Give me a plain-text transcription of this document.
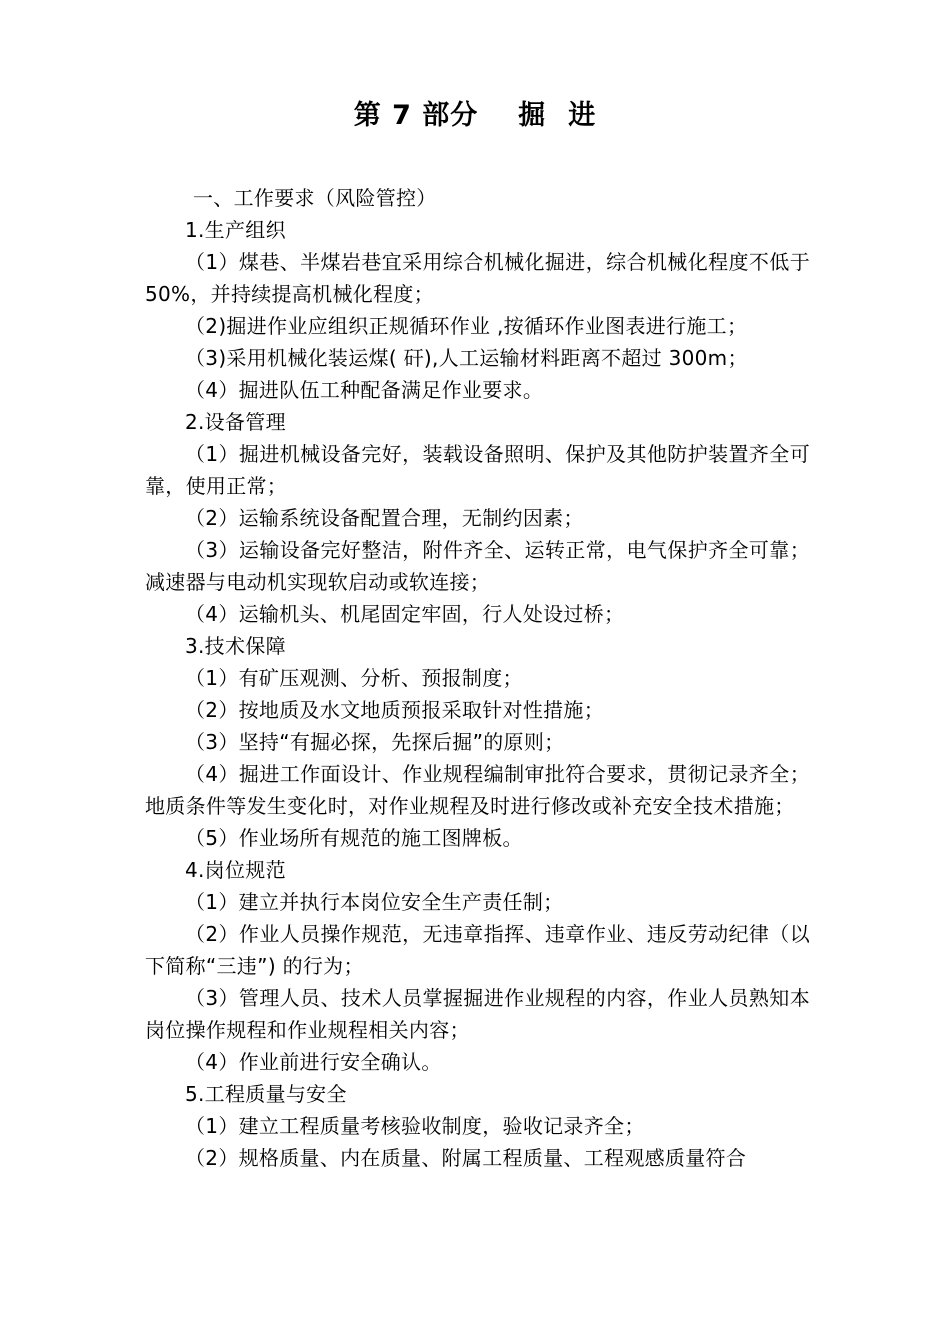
第 7 部分 掘 进

一、工作要求（风险管控）

1.生产组织

（1）煤巷、半煤岩巷宜采用综合机械化掘进，综合机械化程度不低于 50%，并持续提高机械化程度；

（2)掘进作业应组织正规循环作业 ,按循环作业图表进行施工；

（3)采用机械化装运煤( 矸),人工运输材料距离不超过 300m；

（4）掘进队伍工种配备满足作业要求。

2.设备管理

（1）掘进机械设备完好，装载设备照明、保护及其他防护装置齐全可靠，使用正常；

（2）运输系统设备配置合理，无制约因素；

（3）运输设备完好整洁，附件齐全、运转正常，电气保护齐全可靠；减速器与电动机实现软启动或软连接；

（4）运输机头、机尾固定牢固，行人处设过桥；

3.技术保障

（1）有矿压观测、分析、预报制度；

（2）按地质及水文地质预报采取针对性措施；

（3）坚持“有掘必探，先探后掘”的原则；

（4）掘进工作面设计、作业规程编制审批符合要求，贯彻记录齐全；地质条件等发生变化时，对作业规程及时进行修改或补充安全技术措施；

（5）作业场所有规范的施工图牌板。

4.岗位规范

（1）建立并执行本岗位安全生产责任制；

（2）作业人员操作规范，无违章指挥、违章作业、违反劳动纪律（以下简称“三违”) 的行为；

（3）管理人员、技术人员掌握掘进作业规程的内容，作业人员熟知本岗位操作规程和作业规程相关内容；

（4）作业前进行安全确认。

5.工程质量与安全

（1）建立工程质量考核验收制度，验收记录齐全；

（2）规格质量、内在质量、附属工程质量、工程观感质量符合
